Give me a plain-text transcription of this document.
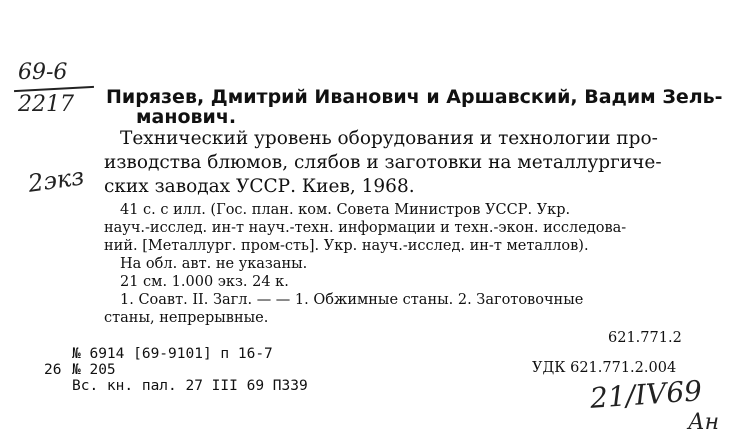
69-6
2217
2экз
Пирязев, Дмитрий Иванович и Аршавский, Вадим Зель-
манович.
Технический уровень оборудования и технологии про-
изводства блюмов, слябов и заготовки на металлургиче-
ских заводах УССР. Киев, 1968.
41 с. с илл. (Гос. план. ком. Совета Министров УССР. Укр.
науч.-исслед. ин-т науч.-техн. информации и техн.-экон. исследова-
ний. [Металлург. пром-сть]. Укр. науч.-исслед. ин-т металлов).
На обл. авт. не указаны.
21 см. 1.000 экз. 24 к.
1. Соавт. II. Загл. — — 1. Обжимные станы. 2. Заготовочные
станы, непрерывные.
621.771.2
№ 6914 [69-9101] п 16-7
26 № 205	УДК 621.771.2.004
Вс. кн. пал. 27 III 69 П339	21/IV69
Ан
